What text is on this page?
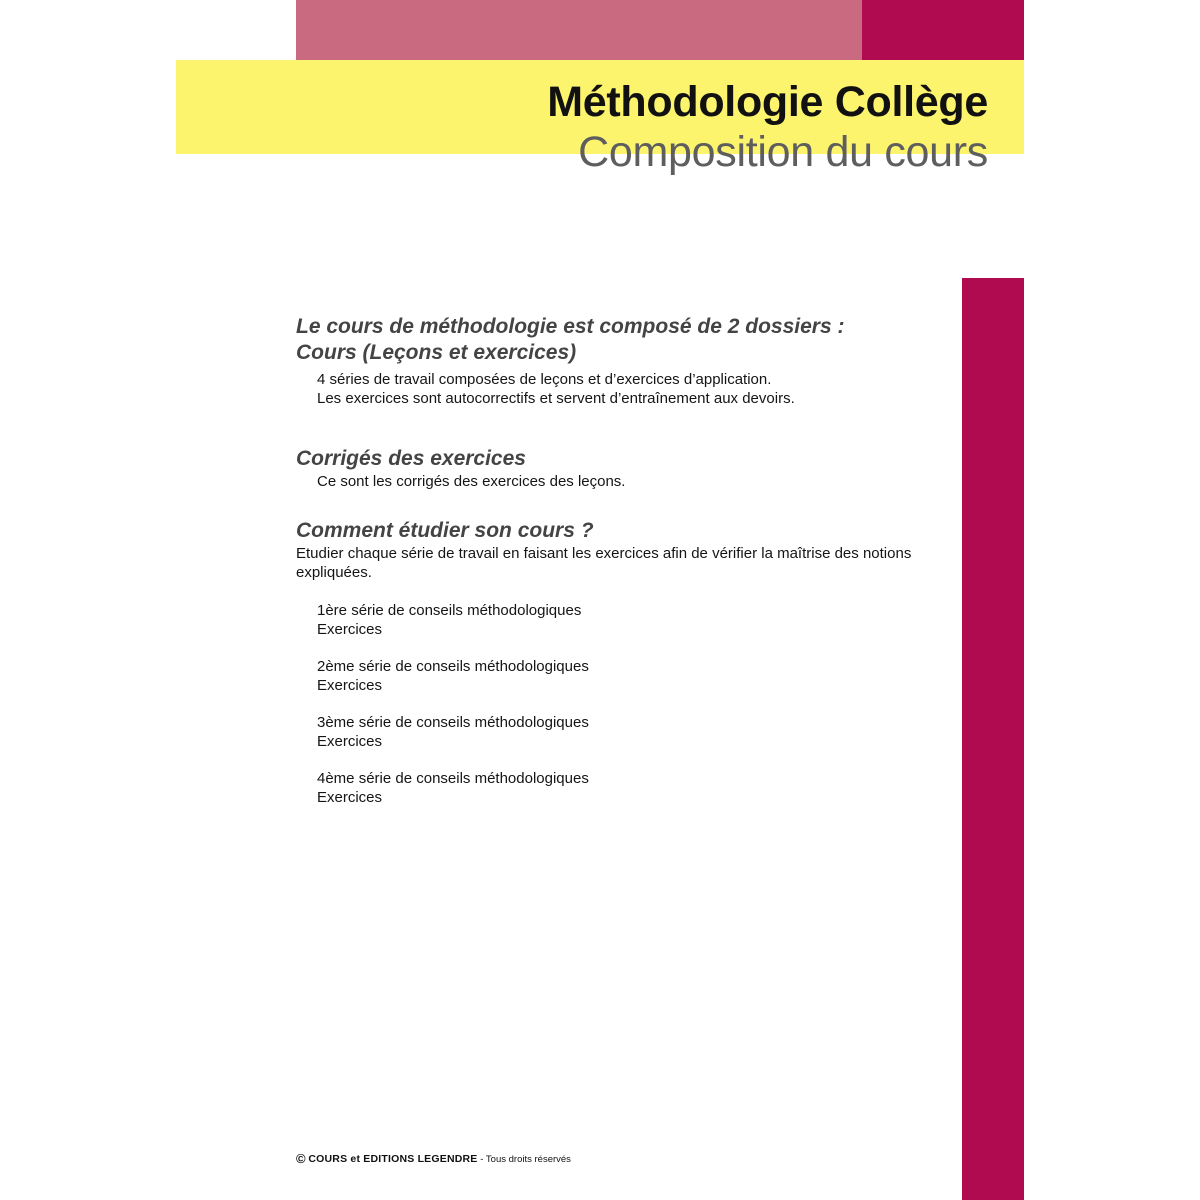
Méthodologie Collège
Composition du cours

Le cours de méthodologie est composé de 2 dossiers :

Cours (Leçons et exercices)

4 séries de travail composées de leçons et d’exercices d’application.

Les exercices sont autocorrectifs et servent d’entraînement aux devoirs.

Corrigés des exercices

Ce sont les corrigés des exercices des leçons.

Comment étudier son cours ?

Etudier chaque série de travail en faisant les exercices afin de vérifier la maîtrise des notions expliquées.

1ère série de conseils méthodologiques

Exercices

2ème série de conseils méthodologiques

Exercices

3ème série de conseils méthodologiques

Exercices

4ème série de conseils méthodologiques

Exercices

© COURS et EDITIONS LEGENDRE - Tous droits réservés
